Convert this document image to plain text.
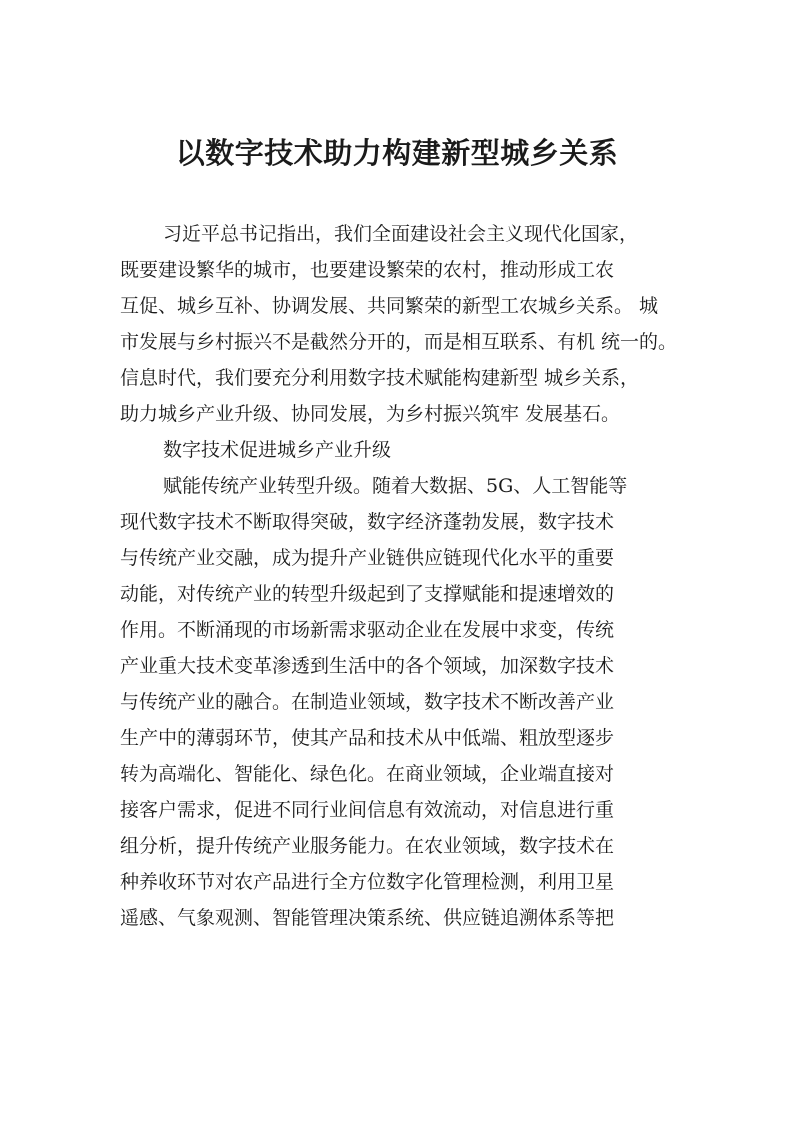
以数字技术助力构建新型城乡关系

习近平总书记指出，我们全面建设社会主义现代化国家，

既要建设繁华的城市，也要建设繁荣的农村，推动形成工农

互促、城乡互补、协调发展、共同繁荣的新型工农城乡关系。 城

市发展与乡村振兴不是截然分开的，而是相互联系、有机 统一的。

信息时代，我们要充分利用数字技术赋能构建新型 城乡关系，

助力城乡产业升级、协同发展，为乡村振兴筑牢 发展基石。

数字技术促进城乡产业升级

赋能传统产业转型升级。随着大数据、5G、人工智能等

现代数字技术不断取得突破，数字经济蓬勃发展，数字技术

与传统产业交融，成为提升产业链供应链现代化水平的重要

动能，对传统产业的转型升级起到了支撑赋能和提速增效的

作用。不断涌现的市场新需求驱动企业在发展中求变，传统

产业重大技术变革渗透到生活中的各个领域，加深数字技术

与传统产业的融合。在制造业领域，数字技术不断改善产业

生产中的薄弱环节，使其产品和技术从中低端、粗放型逐步

转为高端化、智能化、绿色化。在商业领域，企业端直接对

接客户需求，促进不同行业间信息有效流动，对信息进行重

组分析，提升传统产业服务能力。在农业领域，数字技术在

种养收环节对农产品进行全方位数字化管理检测，利用卫星

遥感、气象观测、智能管理决策系统、供应链追溯体系等把
